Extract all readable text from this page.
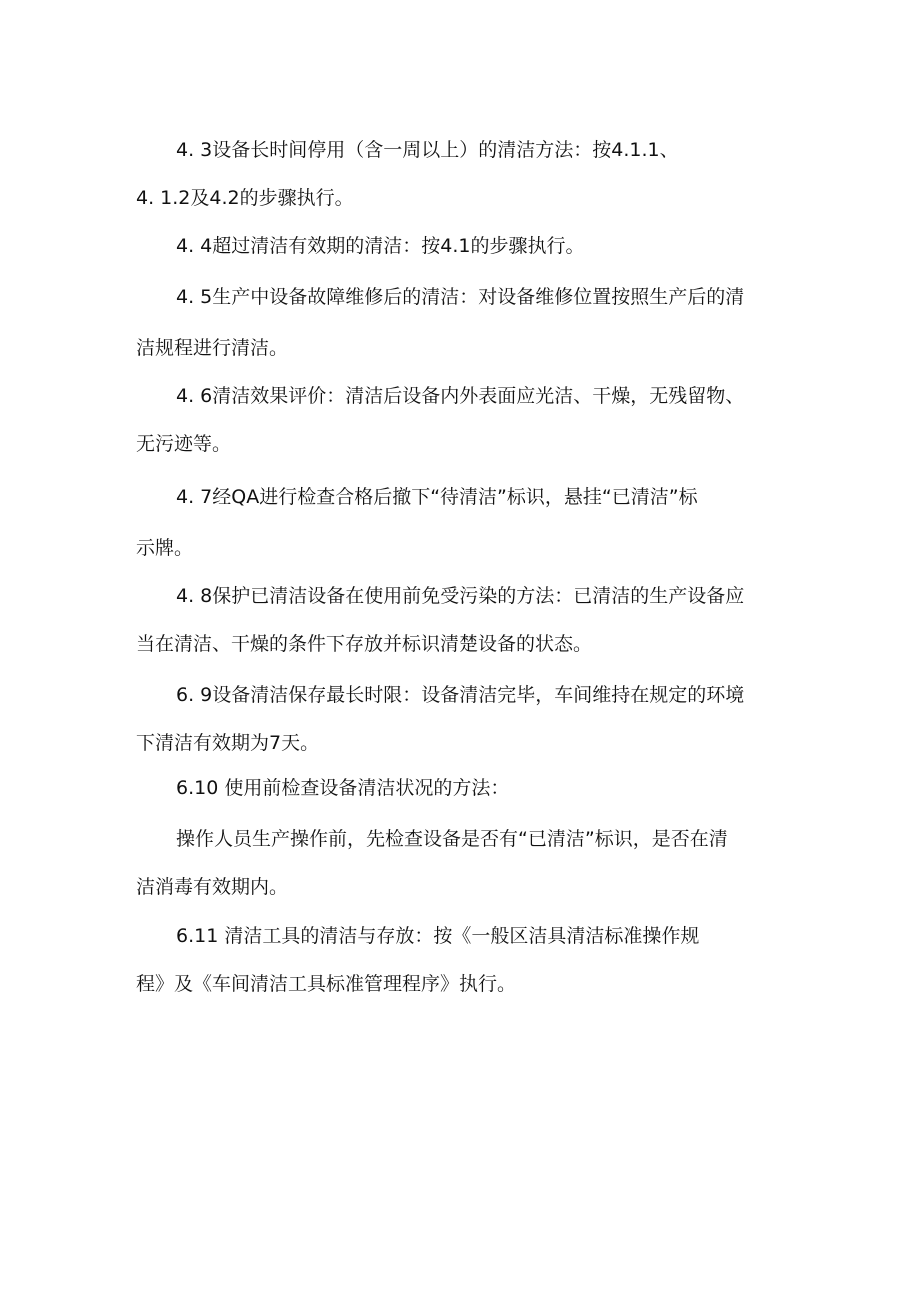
4. 3设备长时间停用（含一周以上）的清洁方法：按4.1.1、
4. 1.2及4.2的步骤执行。
4. 4超过清洁有效期的清洁：按4.1的步骤执行。
4. 5生产中设备故障维修后的清洁：对设备维修位置按照生产后的清
洁规程进行清洁。
4. 6清洁效果评价：清洁后设备内外表面应光洁、干燥，无残留物、
无污迹等。
4. 7经QA进行检查合格后撤下“待清洁”标识，悬挂“已清洁”标
示牌。
4. 8保护已清洁设备在使用前免受污染的方法：已清洁的生产设备应
当在清洁、干燥的条件下存放并标识清楚设备的状态。
6. 9设备清洁保存最长时限：设备清洁完毕，车间维持在规定的环境
下清洁有效期为7天。
6.10 使用前检查设备清洁状况的方法：
操作人员生产操作前，先检查设备是否有“已清洁”标识，是否在清
洁消毒有效期内。
6.11 清洁工具的清洁与存放：按《一般区洁具清洁标准操作规
程》及《车间清洁工具标准管理程序》执行。
